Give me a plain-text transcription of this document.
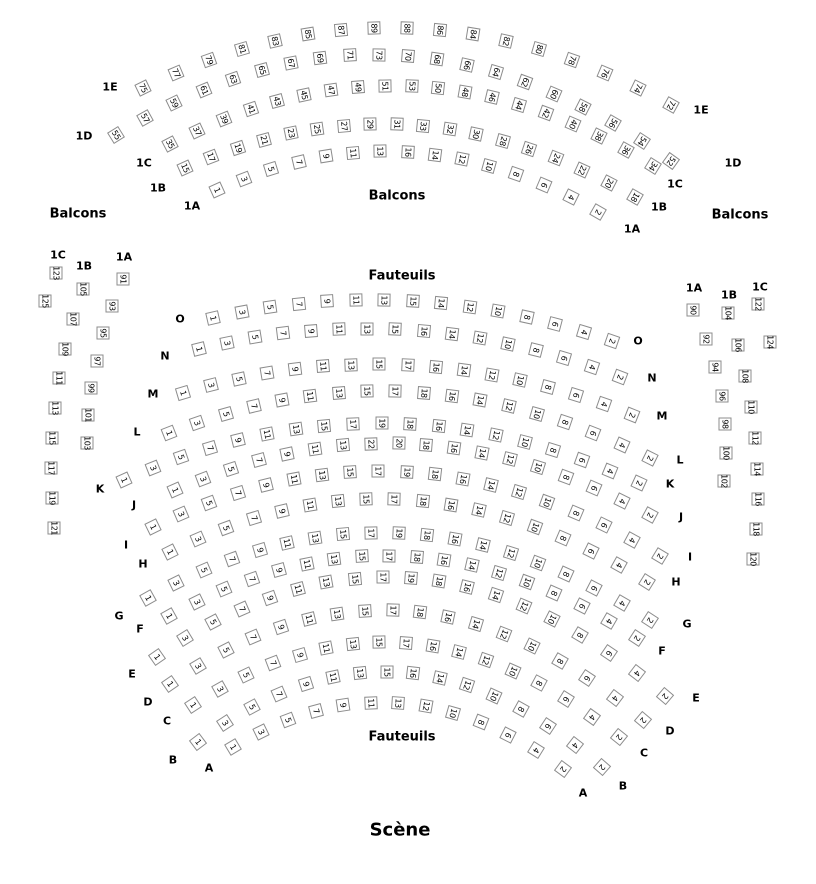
Balcons
Balcons
Balcons
Fauteuils
Fauteuils
Scène
1
3
5
7
9	11	13	16	14	12
10
8
6
4
2
1A
1A
15
17
19
21
23	25	27	29	31	33	32	30
28
26
24
22
20
18
1B
1B
35
37
39
41
43
45	47	49	51	53	50	48
46
44
42
40
38
36
34
1C
1C
55
57
59
61
63
65
67	69	71	73	70	68
66
64
62
60
58
56
54
52
1D
1D
75
77
79
81
83
85	87	89	88	86	84
82
80
78
76
74
72
1E
1E
1
3
5
7	9	11	13	15	14	12	10
8
6
4
2
O
O
1
3
5
7	9	11	13	15	16	14	12	10
8
6
4
2
N
N
1
3
5
7
9	11	13	15	17	16	14	12
10
8
6
4
2
M
M
1
3
5
7
9	11	13	15	17	18	16	14
12
10
8
6
4
2
L
L
1
3
5
7
9
11	13	15	17	19	18	16	14	12
10
8
6
4
2
K	K
1
3
5
7
9	11	13	22	20	18	16	14
12
10
8
6
4
2
J
J
1
3
5
7
9
11	13	15	17	19	18	16
14
12
10
8
6
4
2
I
I
1
3
5
7
9
11	13	15	17	18	16
14
12
10
8
6
4
2
H
H
1
3
5
7
9
11	13	15	17	19	18	16
14
12
10
8
6
4
2
G
G
1
3
5
7
9
11	13	15	17	18	16	14
12
10
8
6
4
2
F
F
1
3
5
7
9
11
13	15	17	19	18
16
14
12
10
8
6
4
2
E
E
1
3
5
7
9
11	13	15	17	18	16
14
12
10
8
6
4
2
D
D
1
3
5
7
9
11	13	15	17	16
14
12
10
8
6
4
2
C
C
1
3
5
7
9
11	13	15	16	14
12
10
8
6
4
2
B
B
1
3
5
7
9	11	13	12
10
8
6
4
2
A
A
91
93
95
97
99
101
103
1A
105
107
109
111
113
115
117
119
121
1B
123
125
1C
90
92
94
96
98
100
102
1A
104
106
108
110
112
114
116
118
120
1B
122
124
1C
